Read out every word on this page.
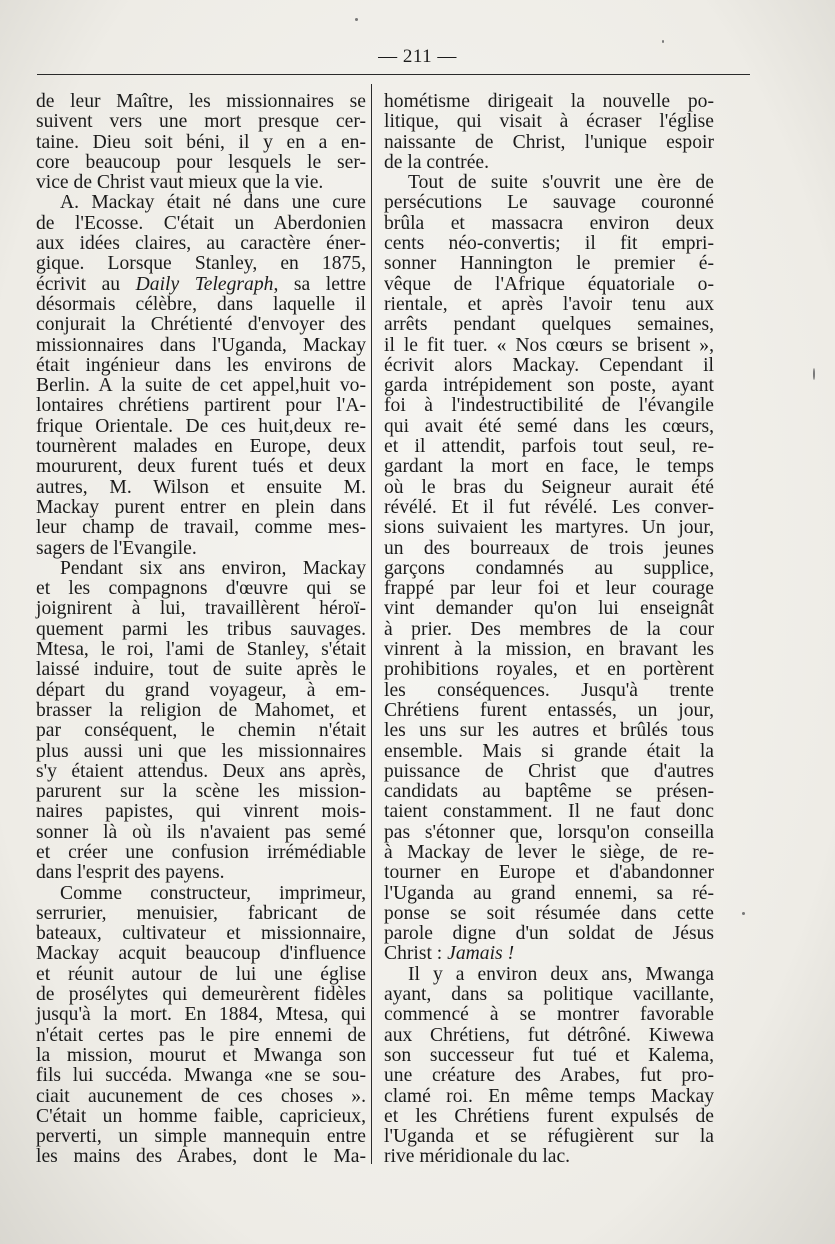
— 211 —
de leur Maître, les missionnaires se
suivent vers une mort presque cer-
taine. Dieu soit béni, il y en a en-
core beaucoup pour lesquels le ser-
vice de Christ vaut mieux que la vie.
A. Mackay était né dans une cure
de l'Ecosse. C'était un Aberdonien
aux idées claires, au caractère éner-
gique. Lorsque Stanley, en 1875,
écrivit au Daily Telegraph, sa lettre
désormais célèbre, dans laquelle il
conjurait la Chrétienté d'envoyer des
missionnaires dans l'Uganda, Mackay
était ingénieur dans les environs de
Berlin. A la suite de cet appel,huit vo-
lontaires chrétiens partirent pour l'A-
frique Orientale. De ces huit,deux re-
tournèrent malades en Europe, deux
moururent, deux furent tués et deux
autres, M. Wilson et ensuite M.
Mackay purent entrer en plein dans
leur champ de travail, comme mes-
sagers de l'Evangile.
Pendant six ans environ, Mackay
et les compagnons d'œuvre qui se
joignirent à lui, travaillèrent héroï-
quement parmi les tribus sauvages.
Mtesa, le roi, l'ami de Stanley, s'était
laissé induire, tout de suite après le
départ du grand voyageur, à em-
brasser la religion de Mahomet, et
par conséquent, le chemin n'était
plus aussi uni que les missionnaires
s'y étaient attendus. Deux ans après,
parurent sur la scène les mission-
naires papistes, qui vinrent mois-
sonner là où ils n'avaient pas semé
et créer une confusion irrémédiable
dans l'esprit des payens.
Comme constructeur, imprimeur,
serrurier, menuisier, fabricant de
bateaux, cultivateur et missionnaire,
Mackay acquit beaucoup d'influence
et réunit autour de lui une église
de prosélytes qui demeurèrent fidèles
jusqu'à la mort. En 1884, Mtesa, qui
n'était certes pas le pire ennemi de
la mission, mourut et Mwanga son
fils lui succéda. Mwanga «ne se sou-
ciait aucunement de ces choses ».
C'était un homme faible, capricieux,
perverti, un simple mannequin entre
les mains des Arabes, dont le Ma-
hométisme dirigeait la nouvelle po-
litique, qui visait à écraser l'église
naissante de Christ, l'unique espoir
de la contrée.
Tout de suite s'ouvrit une ère de
persécutions Le sauvage couronné
brûla et massacra environ deux
cents néo-convertis; il fit empri-
sonner Hannington le premier é-
vêque de l'Afrique équatoriale o-
rientale, et après l'avoir tenu aux
arrêts pendant quelques semaines,
il le fit tuer. « Nos cœurs se brisent »,
écrivit alors Mackay. Cependant il
garda intrépidement son poste, ayant
foi à l'indestructibilité de l'évangile
qui avait été semé dans les cœurs,
et il attendit, parfois tout seul, re-
gardant la mort en face, le temps
où le bras du Seigneur aurait été
révélé. Et il fut révélé. Les conver-
sions suivaient les martyres. Un jour,
un des bourreaux de trois jeunes
garçons condamnés au supplice,
frappé par leur foi et leur courage
vint demander qu'on lui enseignât
à prier. Des membres de la cour
vinrent à la mission, en bravant les
prohibitions royales, et en portèrent
les conséquences. Jusqu'à trente
Chrétiens furent entassés, un jour,
les uns sur les autres et brûlés tous
ensemble. Mais si grande était la
puissance de Christ que d'autres
candidats au baptême se présen-
taient constamment. Il ne faut donc
pas s'étonner que, lorsqu'on conseilla
à Mackay de lever le siège, de re-
tourner en Europe et d'abandonner
l'Uganda au grand ennemi, sa ré-
ponse se soit résumée dans cette
parole digne d'un soldat de Jésus
Christ : Jamais !
Il y a environ deux ans, Mwanga
ayant, dans sa politique vacillante,
commencé à se montrer favorable
aux Chrétiens, fut détrôné. Kiwewa
son successeur fut tué et Kalema,
une créature des Arabes, fut pro-
clamé roi. En même temps Mackay
et les Chrétiens furent expulsés de
l'Uganda et se réfugièrent sur la
rive méridionale du lac.
